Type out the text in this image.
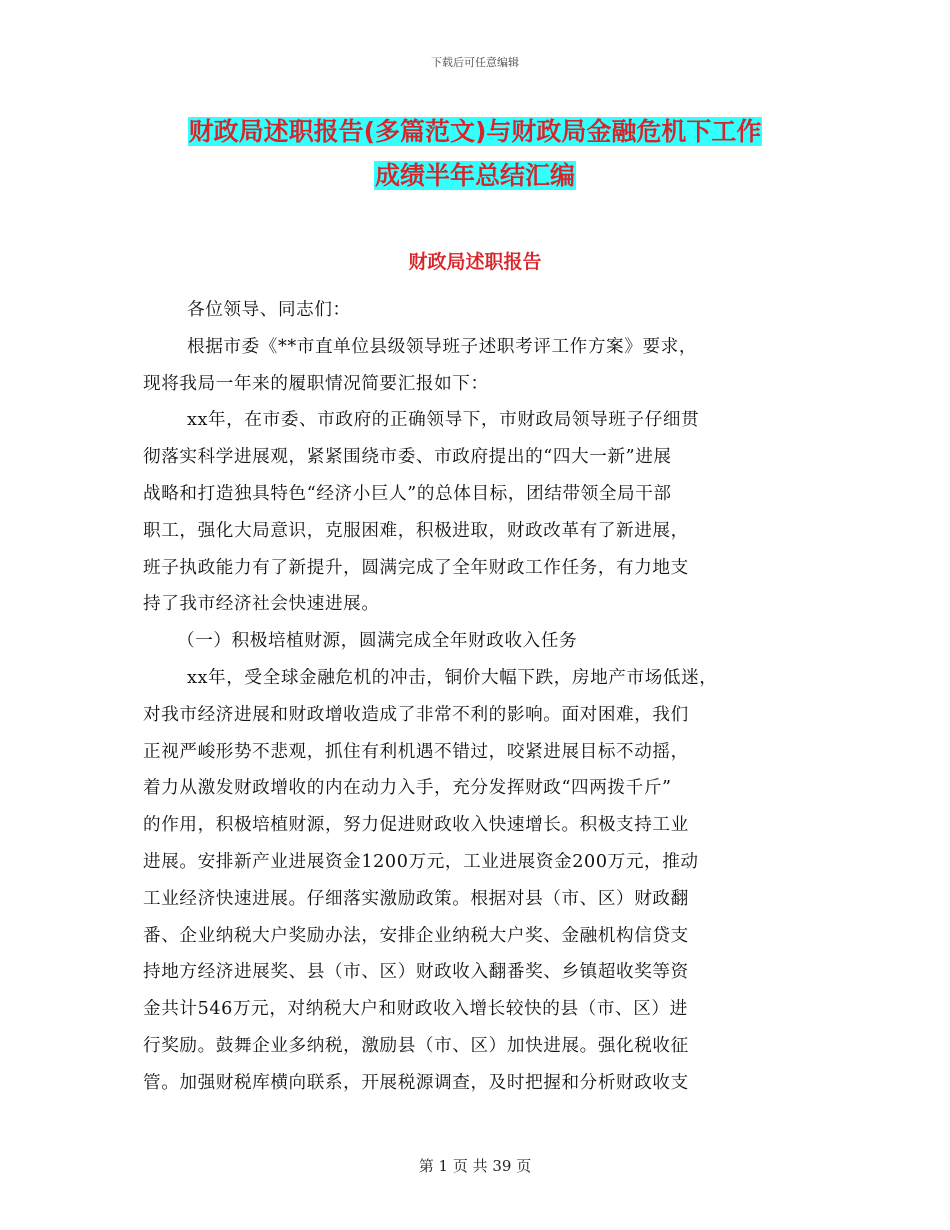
下载后可任意编辑
财政局述职报告(多篇范文)与财政局金融危机下工作
成绩半年总结汇编
财政局述职报告
各位领导、同志们：
根据市委《**市直单位县级领导班子述职考评工作方案》要求，
现将我局一年来的履职情况简要汇报如下：
xx年，在市委、市政府的正确领导下，市财政局领导班子仔细贯
彻落实科学进展观，紧紧围绕市委、市政府提出的“四大一新”进展
战略和打造独具特色“经济小巨人”的总体目标，团结带领全局干部
职工，强化大局意识，克服困难，积极进取，财政改革有了新进展，
班子执政能力有了新提升，圆满完成了全年财政工作任务，有力地支
持了我市经济社会快速进展。
（一）积极培植财源，圆满完成全年财政收入任务
xx年，受全球金融危机的冲击，铜价大幅下跌，房地产市场低迷，
对我市经济进展和财政增收造成了非常不利的影响。面对困难，我们
正视严峻形势不悲观，抓住有利机遇不错过，咬紧进展目标不动摇，
着力从激发财政增收的内在动力入手，充分发挥财政“四两拨千斤”
的作用，积极培植财源，努力促进财政收入快速增长。积极支持工业
进展。安排新产业进展资金1200万元，工业进展资金200万元，推动
工业经济快速进展。仔细落实激励政策。根据对县（市、区）财政翻
番、企业纳税大户奖励办法，安排企业纳税大户奖、金融机构信贷支
持地方经济进展奖、县（市、区）财政收入翻番奖、乡镇超收奖等资
金共计546万元，对纳税大户和财政收入增长较快的县（市、区）进
行奖励。鼓舞企业多纳税，激励县（市、区）加快进展。强化税收征
管。加强财税库横向联系，开展税源调查，及时把握和分析财政收支
第 1 页 共 39 页
